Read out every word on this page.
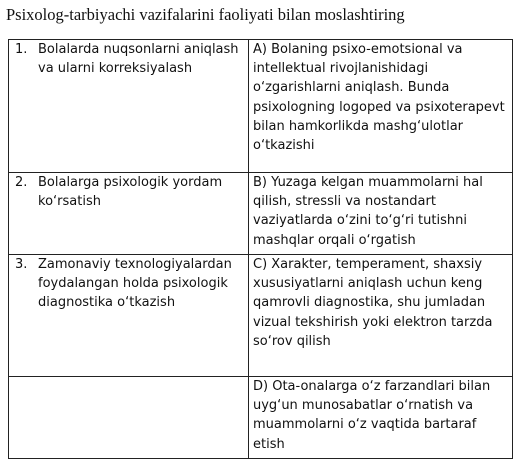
Psixolog-tarbiyachi vazifalarini faoliyati bilan moslashtiring
1. Bolalarda nuqsonlarni aniqlash va ularni korreksiyalash	A) Bolaning psixo-emotsional va intellektual rivojlanishidagi o‘zgarishlarni aniqlash. Bunda psixologning logoped va psixoterapevt bilan hamkorlikda mashg‘ulotlar o‘tkazishi

2. Bolalarga psixologik yordam ko‘rsatish	B) Yuzaga kelgan muammolarni hal qilish, stressli va nostandart vaziyatlarda o‘zini to‘g‘ri tutishni mashqlar orqali o‘rgatish

3. Zamonaviy texnologiyalardan foydalangan holda psixologik diagnostika o‘tkazish	C) Xarakter, temperament, shaxsiy xususiyatlarni aniqlash uchun keng qamrovli diagnostika, shu jumladan vizual tekshirish yoki elektron tarzda so‘rov qilish

	D) Ota-onalarga o‘z farzandlari bilan uyg‘un munosabatlar o‘rnatish va muammolarni o‘z vaqtida bartaraf etish
